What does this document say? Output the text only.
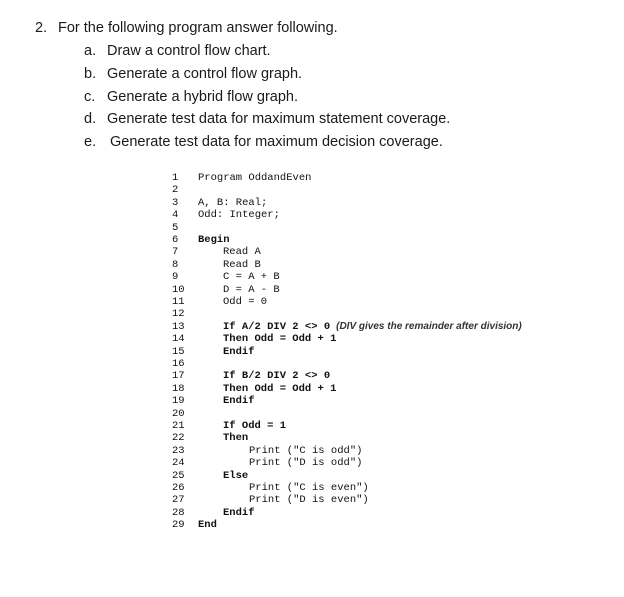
2. For the following program answer following.
a. Draw a control flow chart.
b. Generate a control flow graph.
c. Generate a hybrid flow graph.
d. Generate test data for maximum statement coverage.
e. Generate test data for maximum decision coverage.
1	Program OddandEven
2
3	A, B: Real;
4	Odd: Integer;
5
6	Begin
7	Read A
8	Read B
9	C = A + B
10	D = A - B
11	Odd = 0
12
13	If A/2 DIV 2 <> 0 (DIV gives the remainder after division)
14	Then Odd = Odd + 1
15	Endif
16
17	If B/2 DIV 2 <> 0
18	Then Odd = Odd + 1
19	Endif
20
21	If Odd = 1
22	Then
23	Print ("C is odd")
24	Print ("D is odd")
25	Else
26	Print ("C is even")
27	Print ("D is even")
28	Endif
29	End
